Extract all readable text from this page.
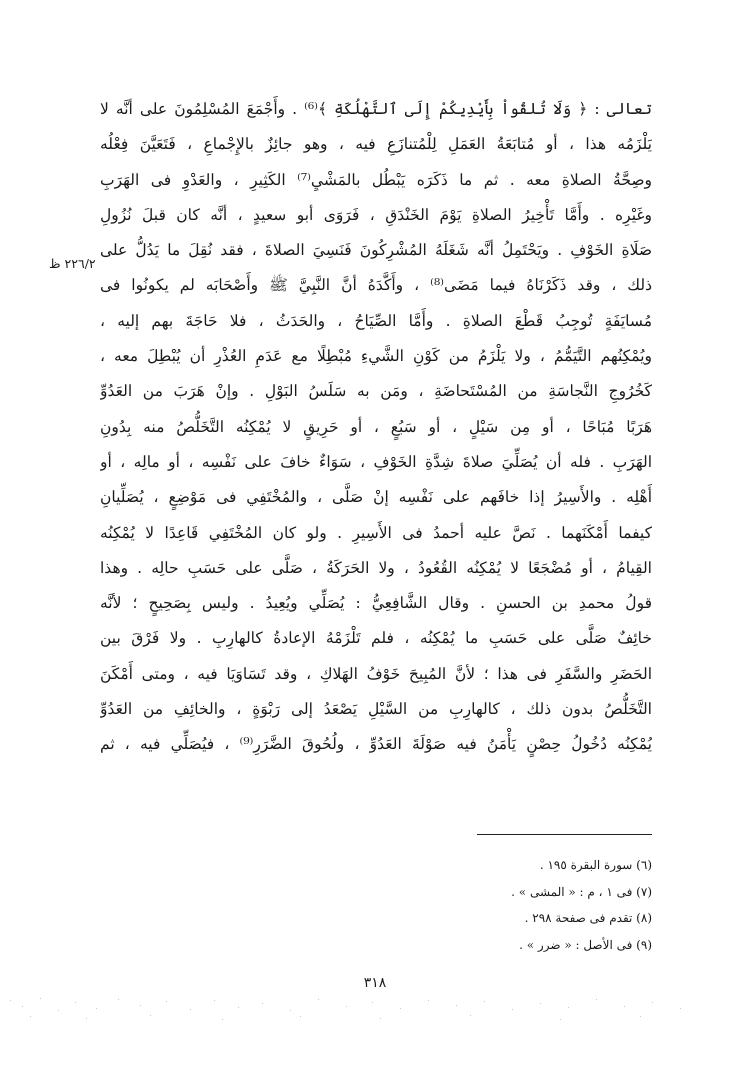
تعالى : ﴿ وَلَا تُلقُواْ بِأَيْدِيكُمْ إِلَى ٱلتَّهْلُكَةِ ﴾⁽⁶⁾ . وأَجْمَعَ المُسْلِمُونَ على أنَّه لا
يَلْزَمُه هذا ، أو مُتابَعَةُ العَمَلِ لِلْمُتنازَعِ فيه ، وهو جائِزٌ بالإِجْماعِ ، فَتَعَيَّنَ فِعْلُه
وصِحَّةُ الصلاةِ معه . ثم ما ذَكَرَه يَبْطُل بالمَشْيِ⁽⁷⁾ الكَثِيرِ ، والعَدْوِ فى الهَرَبِ
وغَيْرِه . وأَمَّا تَأْخِيرُ الصلاةِ يَوْمَ الخَنْدَقِ ، فَرَوَى أبو سعيدٍ ، أنَّه كان قبلَ نُزُولِ
صَلَاةِ الخَوْفِ . ويَحْتَمِلُ أنَّه شَغَلَهُ المُشْرِكُونَ فَنَسِيَ الصلاةَ ، فقد نُقِلَ ما يَدُلُّ على
ذلك ، وقد ذَكَرْنَاهُ فيما مَضَى⁽⁸⁾ ، وأَكَّدَهُ أنَّ النَّبِيَّ ﷺ وأَصْحَابَه لم يكونُوا فى
مُسايَفَةٍ تُوجِبُ قَطْعَ الصلاةِ . وأَمَّا الصِّيَاحُ ، والحَدَثُ ، فلا حَاجَةَ بهم إليه ،
ويُمْكِنُهم التَّيَمُّمُ ، ولا يَلْزَمُ من كَوْنِ الشَّيءِ مُبْطِلًا مع عَدَمِ العُذْرِ أن يُبْطِلَ معه ،
كَخُرُوجِ النَّجاسَةِ من المُسْتَحاضَةِ ، ومَن به سَلَسُ البَوْلِ . وإنْ هَرَبَ من العَدُوِّ
هَرَبًا مُبَاحًا ، أو مِن سَيْلٍ ، أو سَبُعٍ ، أو حَرِيقٍ لا يُمْكِنُه التَّخَلُّصُ منه بِدُونِ
الهَرَبِ . فله أن يُصَلِّيَ صلاةَ شِدَّةِ الخَوْفِ ، سَوَاءٌ خافَ على نَفْسِه ، أو مالِه ، أو
أَهْلِه . والأَسِيرُ إذا خافَهم على نَفْسِه إنْ صَلَّى ، والمُخْتَفِي فى مَوْضِعٍ ، يُصَلِّيانِ
كيفما أَمْكَنَهما . نَصَّ عليه أحمدُ فى الأَسِيرِ . ولو كان المُخْتَفِي قَاعِدًا لا يُمْكِنُه
القِيامُ ، أو مُضْجَعًا لا يُمْكِنُه القُعُودُ ، ولا الحَرَكَةُ ، صَلَّى على حَسَبِ حالِه . وهذا
قولُ محمدِ بن الحسنِ . وقال الشَّافِعِيُّ : يُصَلِّي ويُعِيدُ . وليس بِصَحِيحٍ ؛ لأنَّه
خائِفٌ صَلَّى على حَسَبِ ما يُمْكِنُه ، فلم تَلْزَمْهُ الإعادةُ كالهارِبِ . ولا فَرْقَ بين
الحَضَرِ والسَّفَرِ فى هذا ؛ لأنَّ المُبِيحَ خَوْفُ الهَلاكِ ، وقد تَسَاوَيَا فيه ، ومتى أَمْكَنَ
التَّخَلُّصُ بدون ذلك ، كالهارِبِ من السَّيْلِ يَصْعَدُ إلى رَبْوَةٍ ، والخائِفِ من العَدُوِّ
يُمْكِنُه دُخُولُ حِصْنٍ يَأْمَنُ فيه صَوْلَةَ العَدُوِّ ، ولُحُوقَ الضَّرَرِ⁽⁹⁾ ، فيُصَلِّي فيه ، ثم
٢٢٦/٢ ظ
(٦) سورة البقرة ١٩٥ .
(٧) فى ١ ، م : « المشى » .
(٨) تقدم فى صفحة ٢٩٨ .
(٩) فى الأصل : « ضرر » .
٣١٨
